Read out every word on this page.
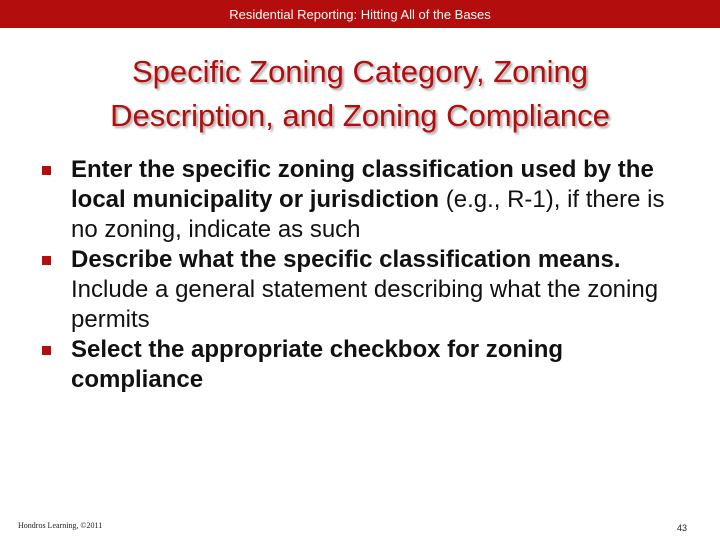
Residential Reporting: Hitting All of the Bases
Specific Zoning Category, Zoning
Description, and Zoning Compliance
Enter the specific zoning classification used by the local municipality or jurisdiction (e.g., R-1), if there is no zoning, indicate as such
Describe what the specific classification means. Include a general statement describing what the zoning permits
Select the appropriate checkbox for zoning compliance
Hondros Learning, ©2011	43
